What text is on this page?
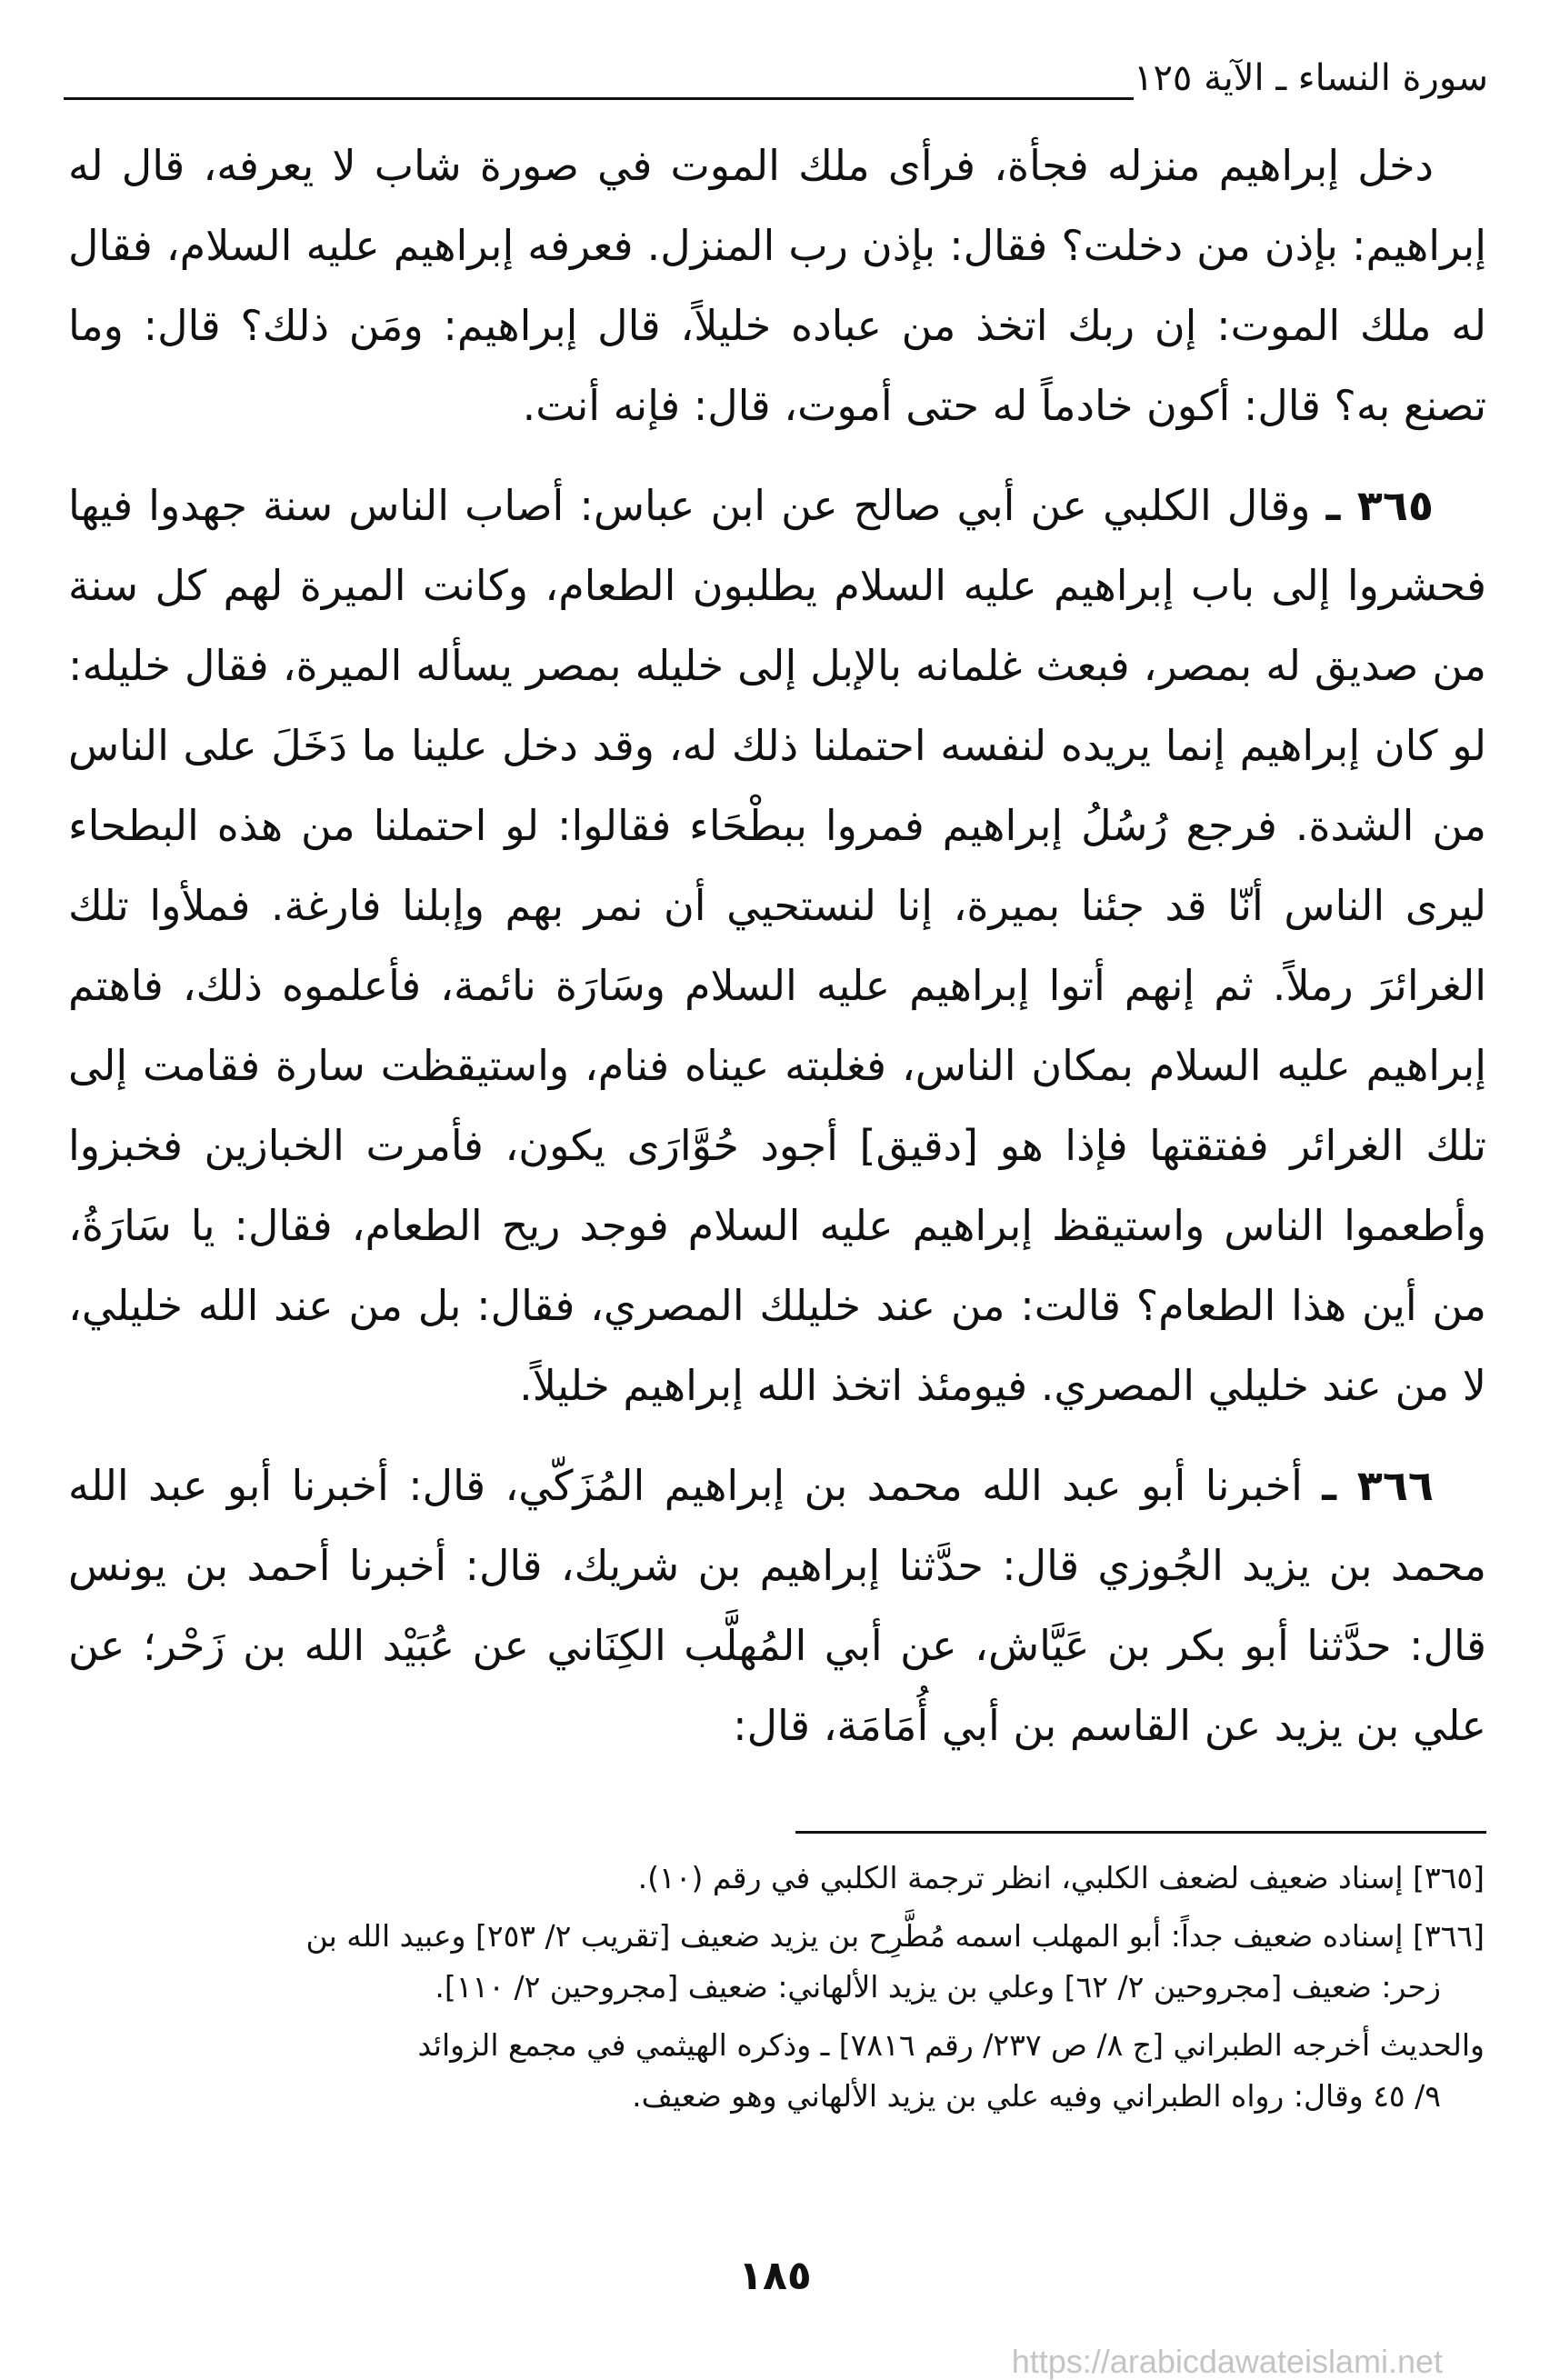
سورة النساء ـ الآية ١٢٥

دخل إبراهيم منزله فجأة، فرأى ملك الموت في صورة شاب لا يعرفه، قال له إبراهيم: بإذن من دخلت؟ فقال: بإذن رب المنزل. فعرفه إبراهيم عليه السلام، فقال له ملك الموت: إن ربك اتخذ من عباده خليلاً، قال إبراهيم: ومَن ذلك؟ قال: وما تصنع به؟ قال: أكون خادماً له حتى أموت، قال: فإنه أنت.

٣٦٥ ـ وقال الكلبي عن أبي صالح عن ابن عباس: أصاب الناس سنة جهدوا فيها فحشروا إلى باب إبراهيم عليه السلام يطلبون الطعام، وكانت الميرة لهم كل سنة من صديق له بمصر، فبعث غلمانه بالإبل إلى خليله بمصر يسأله الميرة، فقال خليله: لو كان إبراهيم إنما يريده لنفسه احتملنا ذلك له، وقد دخل علينا ما دَخَلَ على الناس من الشدة. فرجع رُسُلُ إبراهيم فمروا ببطْحَاء فقالوا: لو احتملنا من هذه البطحاء ليرى الناس أنّا قد جئنا بميرة، إنا لنستحيي أن نمر بهم وإبلنا فارغة. فملأوا تلك الغرائرَ رملاً. ثم إنهم أتوا إبراهيم عليه السلام وسَارَة نائمة، فأعلموه ذلك، فاهتم إبراهيم عليه السلام بمكان الناس، فغلبته عيناه فنام، واستيقظت سارة فقامت إلى تلك الغرائر ففتقتها فإذا هو [دقيق] أجود حُوَّارَى يكون، فأمرت الخبازين فخبزوا وأطعموا الناس واستيقظ إبراهيم عليه السلام فوجد ريح الطعام، فقال: يا سَارَةُ، من أين هذا الطعام؟ قالت: من عند خليلك المصري، فقال: بل من عند الله خليلي، لا من عند خليلي المصري. فيومئذ اتخذ الله إبراهيم خليلاً.

٣٦٦ ـ أخبرنا أبو عبد الله محمد بن إبراهيم المُزَكّي، قال: أخبرنا أبو عبد الله محمد بن يزيد الجُوزي قال: حدَّثنا إبراهيم بن شريك، قال: أخبرنا أحمد بن يونس قال: حدَّثنا أبو بكر بن عَيَّاش، عن أبي المُهلَّب الكِنَاني عن عُبَيْد الله بن زَحْر؛ عن علي بن يزيد عن القاسم بن أبي أُمَامَة، قال:

[٣٦٥] إسناد ضعيف لضعف الكلبي، انظر ترجمة الكلبي في رقم (١٠).

[٣٦٦] إسناده ضعيف جداً: أبو المهلب اسمه مُطَّرِح بن يزيد ضعيف [تقريب ٢/ ٢٥٣] وعبيد الله بن
زحر: ضعيف [مجروحين ٢/ ٦٢] وعلي بن يزيد الألهاني: ضعيف [مجروحين ٢/ ١١٠].

والحديث أخرجه الطبراني [ج ٨/ ص ٢٣٧/ رقم ٧٨١٦] ـ وذكره الهيثمي في مجمع الزوائد
٩/ ٤٥ وقال: رواه الطبراني وفيه علي بن يزيد الألهاني وهو ضعيف.

١٨٥
https://arabicdawateislami.net
